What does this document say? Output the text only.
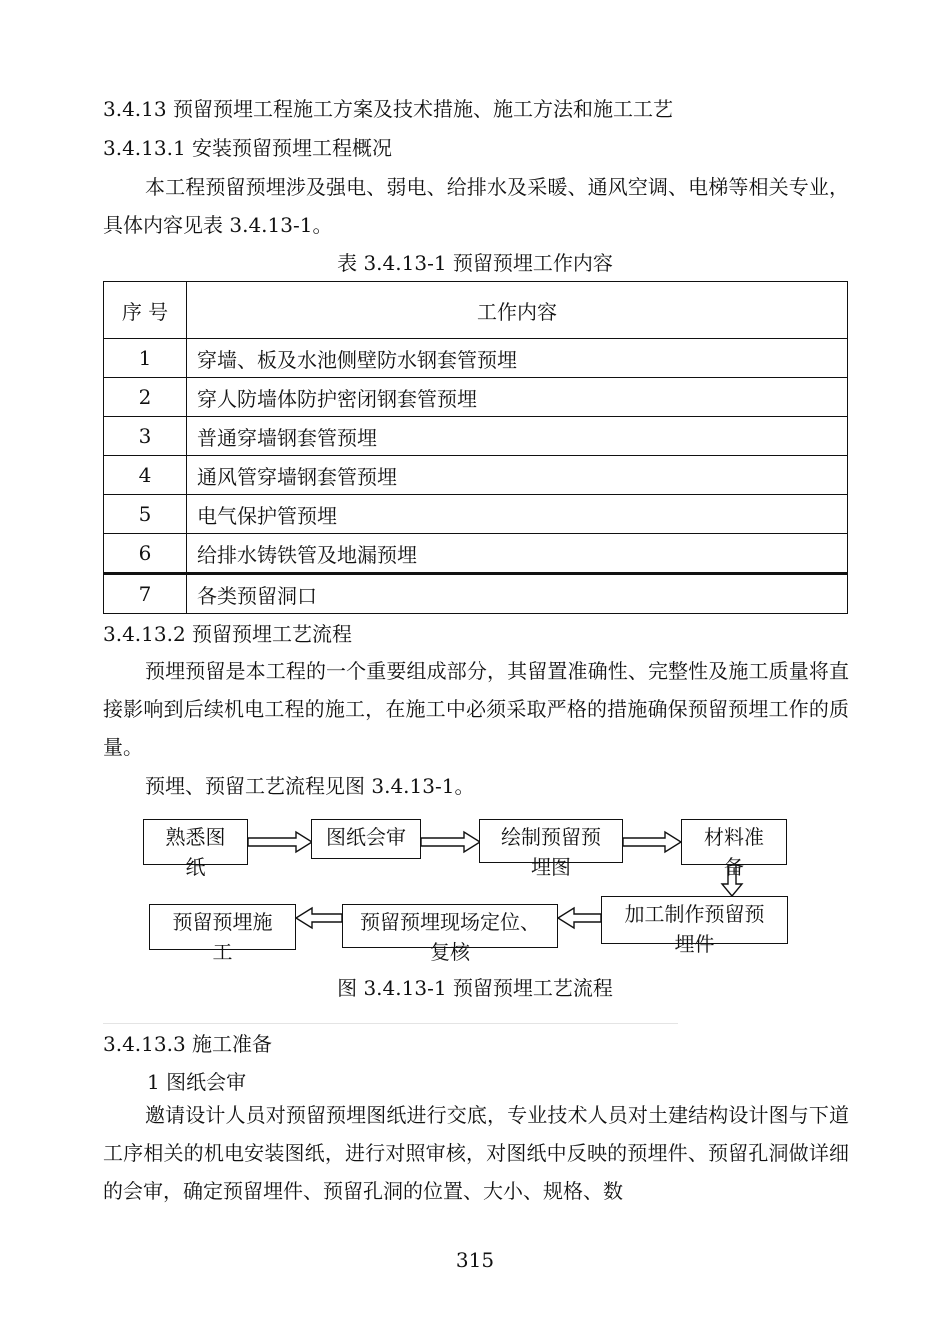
3.4.13 预留预埋工程施工方案及技术措施、施工方法和施工工艺
3.4.13.1 安装预留预埋工程概况
本工程预留预埋涉及强电、弱电、给排水及采暖、通风空调、电梯等相关专业，具体内容见表 3.4.13-1。
表 3.4.13-1 预留预埋工作内容
序 号	工作内容
1	穿墙、板及水池侧壁防水钢套管预埋
2	穿人防墙体防护密闭钢套管预埋
3	普通穿墙钢套管预埋
4	通风管穿墙钢套管预埋
5	电气保护管预埋
6	给排水铸铁管及地漏预埋
7	各类预留洞口
3.4.13.2 预留预埋工艺流程
预埋预留是本工程的一个重要组成部分，其留置准确性、完整性及施工质量将直接影响到后续机电工程的施工，在施工中必须采取严格的措施确保预留预埋工作的质量。
预埋、预留工艺流程见图 3.4.13-1。
熟悉图
纸
图纸会审	绘制预留预
埋图
材料准
备
加工制作预留预
埋件
预留预埋现场定位、
复核
预留预埋施
工
图 3.4.13-1 预留预埋工艺流程
3.4.13.3 施工准备
1 图纸会审
邀请设计人员对预留预埋图纸进行交底，专业技术人员对土建结构设计图与下道工序相关的机电安装图纸，进行对照审核，对图纸中反映的预埋件、预留孔洞做详细的会审，确定预留埋件、预留孔洞的位置、大小、规格、数
315
